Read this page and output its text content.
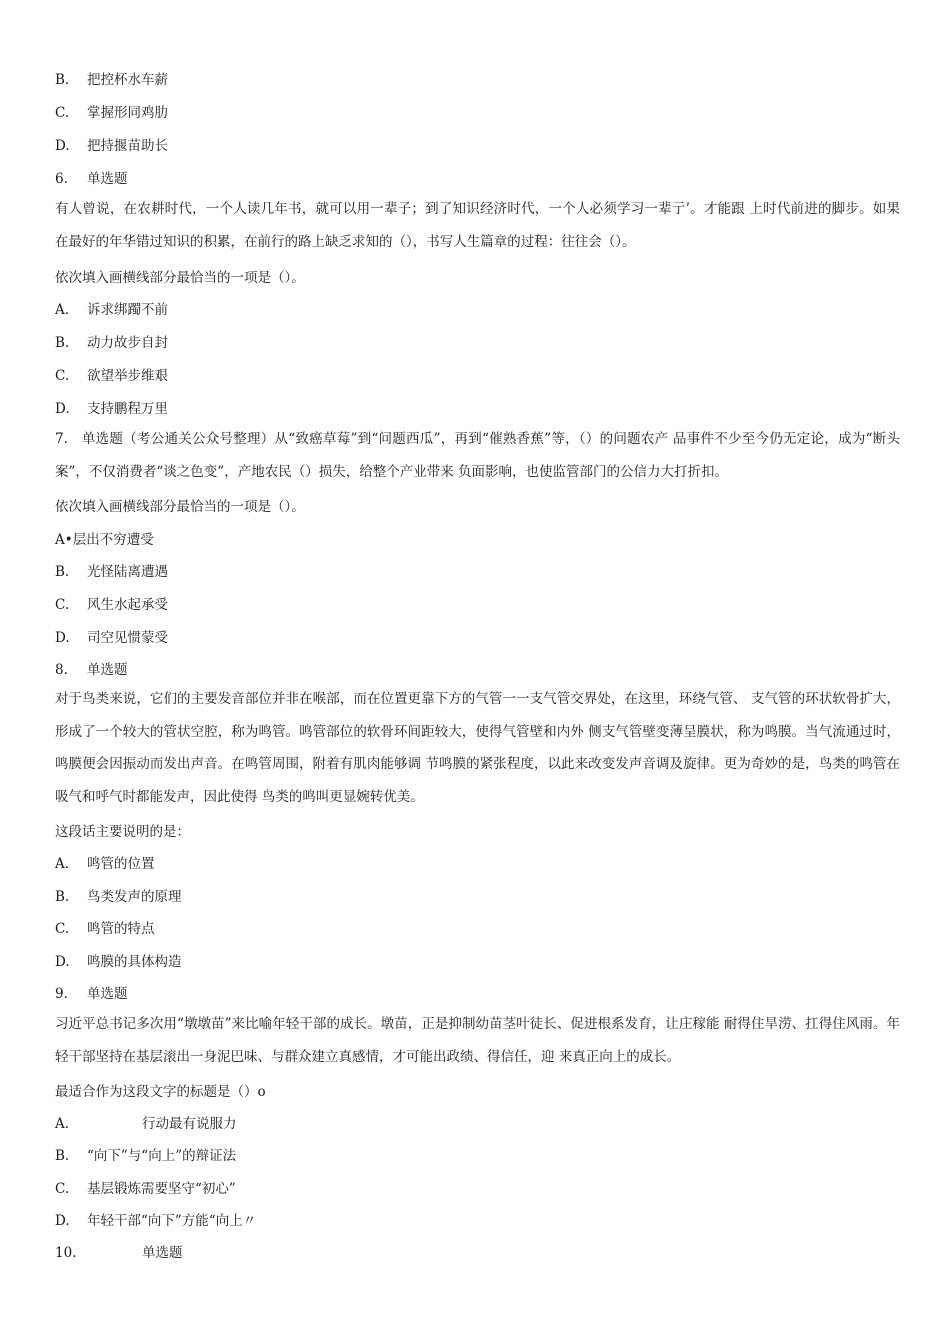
B. 把控杯水车薪
C. 掌握形同鸡肋
D. 把持揠苗助长
6. 单选题
有人曾说，在农耕时代，一个人读几年书，就可以用一辈子；到了知识经济时代，一个人必须学习一辈亍’。才能跟 上时代前进的脚步。如果在最好的年华错过知识的积累，在前行的路上缺乏求知的（），书写人生篇章的过程：往往会（）。
依次填入画横线部分最恰当的一项是（）。
A. 诉求绑躅不前
B. 动力故步自封
C. 欲望举步维艰
D. 支持鹏程万里
7.　单选题（考公通关公众号整理）从“致癌草莓”到“问题西瓜”，再到“催熟香蕉”等，（）的问题农产 品事件不少至今仍无定论，成为“断头案”，不仅消费者“谈之色变”，产地农民（）损失，给整个产业带来 负面影响，也使监管部门的公信力大打折扣。
依次填入画横线部分最恰当的一项是（）。
A•层出不穷遭受
B. 光怪陆离遭遇
C. 风生水起承受
D. 司空见惯蒙受
8. 单选题
对于鸟类来说，它们的主要发音部位并非在喉部，而在位置更靠下方的气管一一支气管交界处，在这里，环绕气管、 支气管的环状软骨扩大，形成了一个较大的管状空腔，称为鸣管。鸣管部位的软骨环间距较大，使得气管壁和内外 侧支气管壁变薄呈膜状，称为鸣膜。当气流通过时，鸣膜便会因振动而发出声音。在鸣管周围，附着有肌肉能够调 节鸣膜的紧张程度，以此来改变发声音调及旋律。更为奇妙的是，鸟类的鸣管在吸气和呼气时都能发声，因此使得 鸟类的鸣叫更显婉转优美。
这段话主要说明的是：
A. 鸣管的位置
B. 鸟类发声的原理
C. 鸣管的特点
D. 鸣膜的具体构造
9. 单选题
习近平总书记多次用“墩墩苗”来比喻年轻干部的成长。墩苗，正是抑制幼苗茎叶徒长、促进根系发育，让庄稼能 耐得住旱涝、扛得住风雨。年轻干部坚持在基层滚出一身泥巴味、与群众建立真感情，才可能出政绩、得信任，迎 来真正向上的成长。
最适合作为这段文字的标题是（）o
A.	行动最有说服力
B. “向下”与“向上”的辩证法
C. 基层锻炼需要坚守“初心”
D. 年轻干部“向下”方能“向上〃
10.	单选题
